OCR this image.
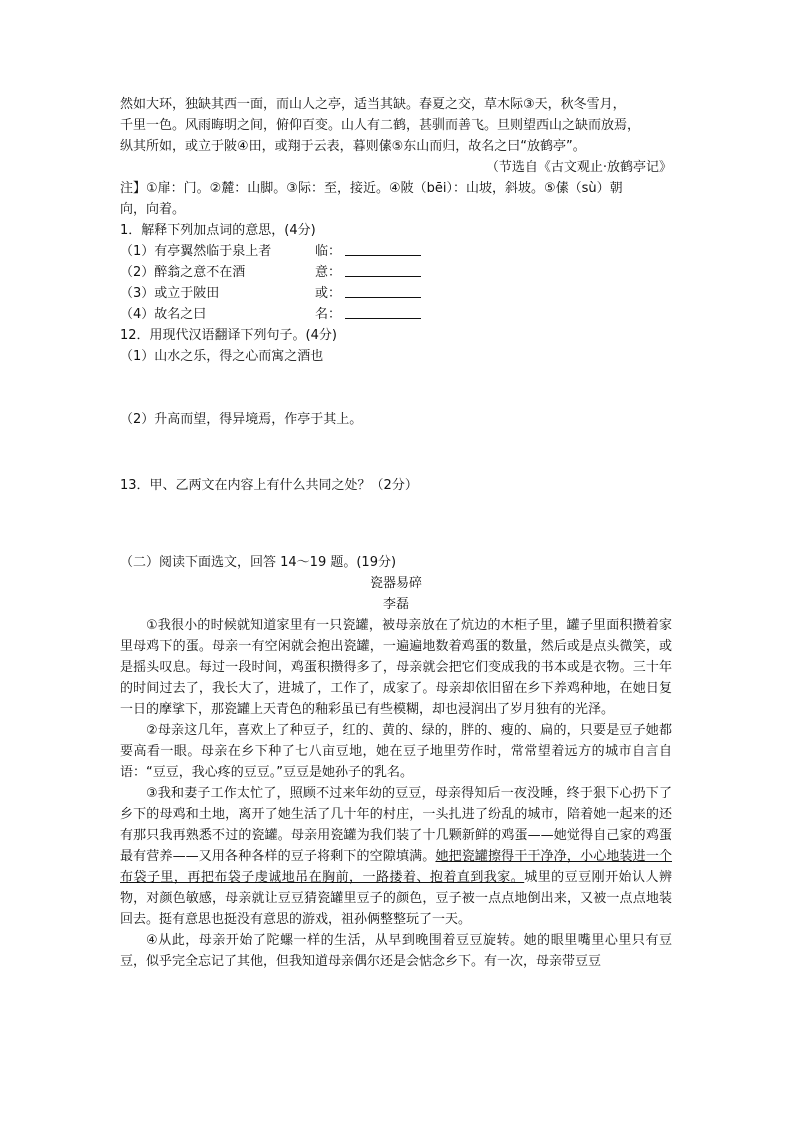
然如大环，独缺其西一面，而山人之亭，适当其缺。春夏之交，草木际③天，秋冬雪月，
千里一色。风雨晦明之间，俯仰百变。山人有二鹤，甚驯而善飞。旦则望西山之缺而放焉，
纵其所如，或立于陂④田，或翔于云表，暮则傃⑤东山而归，故名之曰“放鹤亭”。
（节选自《古文观止·放鹤亭记》
注】①扉：门。②麓：山脚。③际：至，接近。④陂（bēi）：山坡，斜坡。⑤傃（sù）朝
向，向着。
1．解释下列加点词的意思，(4分)
（1）有亭翼然临于泉上者	临：
（2）醉翁之意不在酒	意：
（3）或立于陂田	或：
（4）故名之曰	名：
12．用现代汉语翻译下列句子。(4分)
（1）山水之乐，得之心而寓之酒也
（2）升高而望，得异境焉，作亭于其上。
13．甲、乙两文在内容上有什么共同之处？（2分）
（二）阅读下面选文，回答 14～19 题。(19分)
瓷器易碎
李磊

①我很小的时候就知道家里有一只瓷罐，被母亲放在了炕边的木柜子里，罐子里面积攒着家里母鸡下的蛋。母亲一有空闲就会抱出瓷罐，一遍遍地数着鸡蛋的数量，然后或是点头微笑，或是摇头叹息。每过一段时间，鸡蛋积攒得多了，母亲就会把它们变成我的书本或是衣物。三十年的时间过去了，我长大了，进城了，工作了，成家了。母亲却依旧留在乡下养鸡种地，在她日复一日的摩挲下，那瓷罐上天青色的釉彩虽已有些模糊，却也浸润出了岁月独有的光泽。

②母亲这几年，喜欢上了种豆子，红的、黄的、绿的，胖的、瘦的、扁的，只要是豆子她都要高看一眼。母亲在乡下种了七八亩豆地，她在豆子地里劳作时，常常望着远方的城市自言自语：“豆豆，我心疼的豆豆。”豆豆是她孙子的乳名。

③我和妻子工作太忙了，照顾不过来年幼的豆豆，母亲得知后一夜没睡，终于狠下心扔下了乡下的母鸡和土地，离开了她生活了几十年的村庄，一头扎进了纷乱的城市，陪着她一起来的还有那只我再熟悉不过的瓷罐。母亲用瓷罐为我们装了十几颗新鲜的鸡蛋——她觉得自己家的鸡蛋最有营养——又用各种各样的豆子将剩下的空隙填满。她把瓷罐擦得干干净净，小心地装进一个布袋子里，再把布袋子虔诚地吊在胸前，一路搂着、抱着直到我家。城里的豆豆刚开始认人辨物，对颜色敏感，母亲就让豆豆猜瓷罐里豆子的颜色，豆子被一点点地倒出来，又被一点点地装回去。挺有意思也挺没有意思的游戏，祖孙俩整整玩了一天。

④从此，母亲开始了陀螺一样的生活，从早到晚围着豆豆旋转。她的眼里嘴里心里只有豆豆，似乎完全忘记了其他，但我知道母亲偶尔还是会惦念乡下。有一次，母亲带豆豆
